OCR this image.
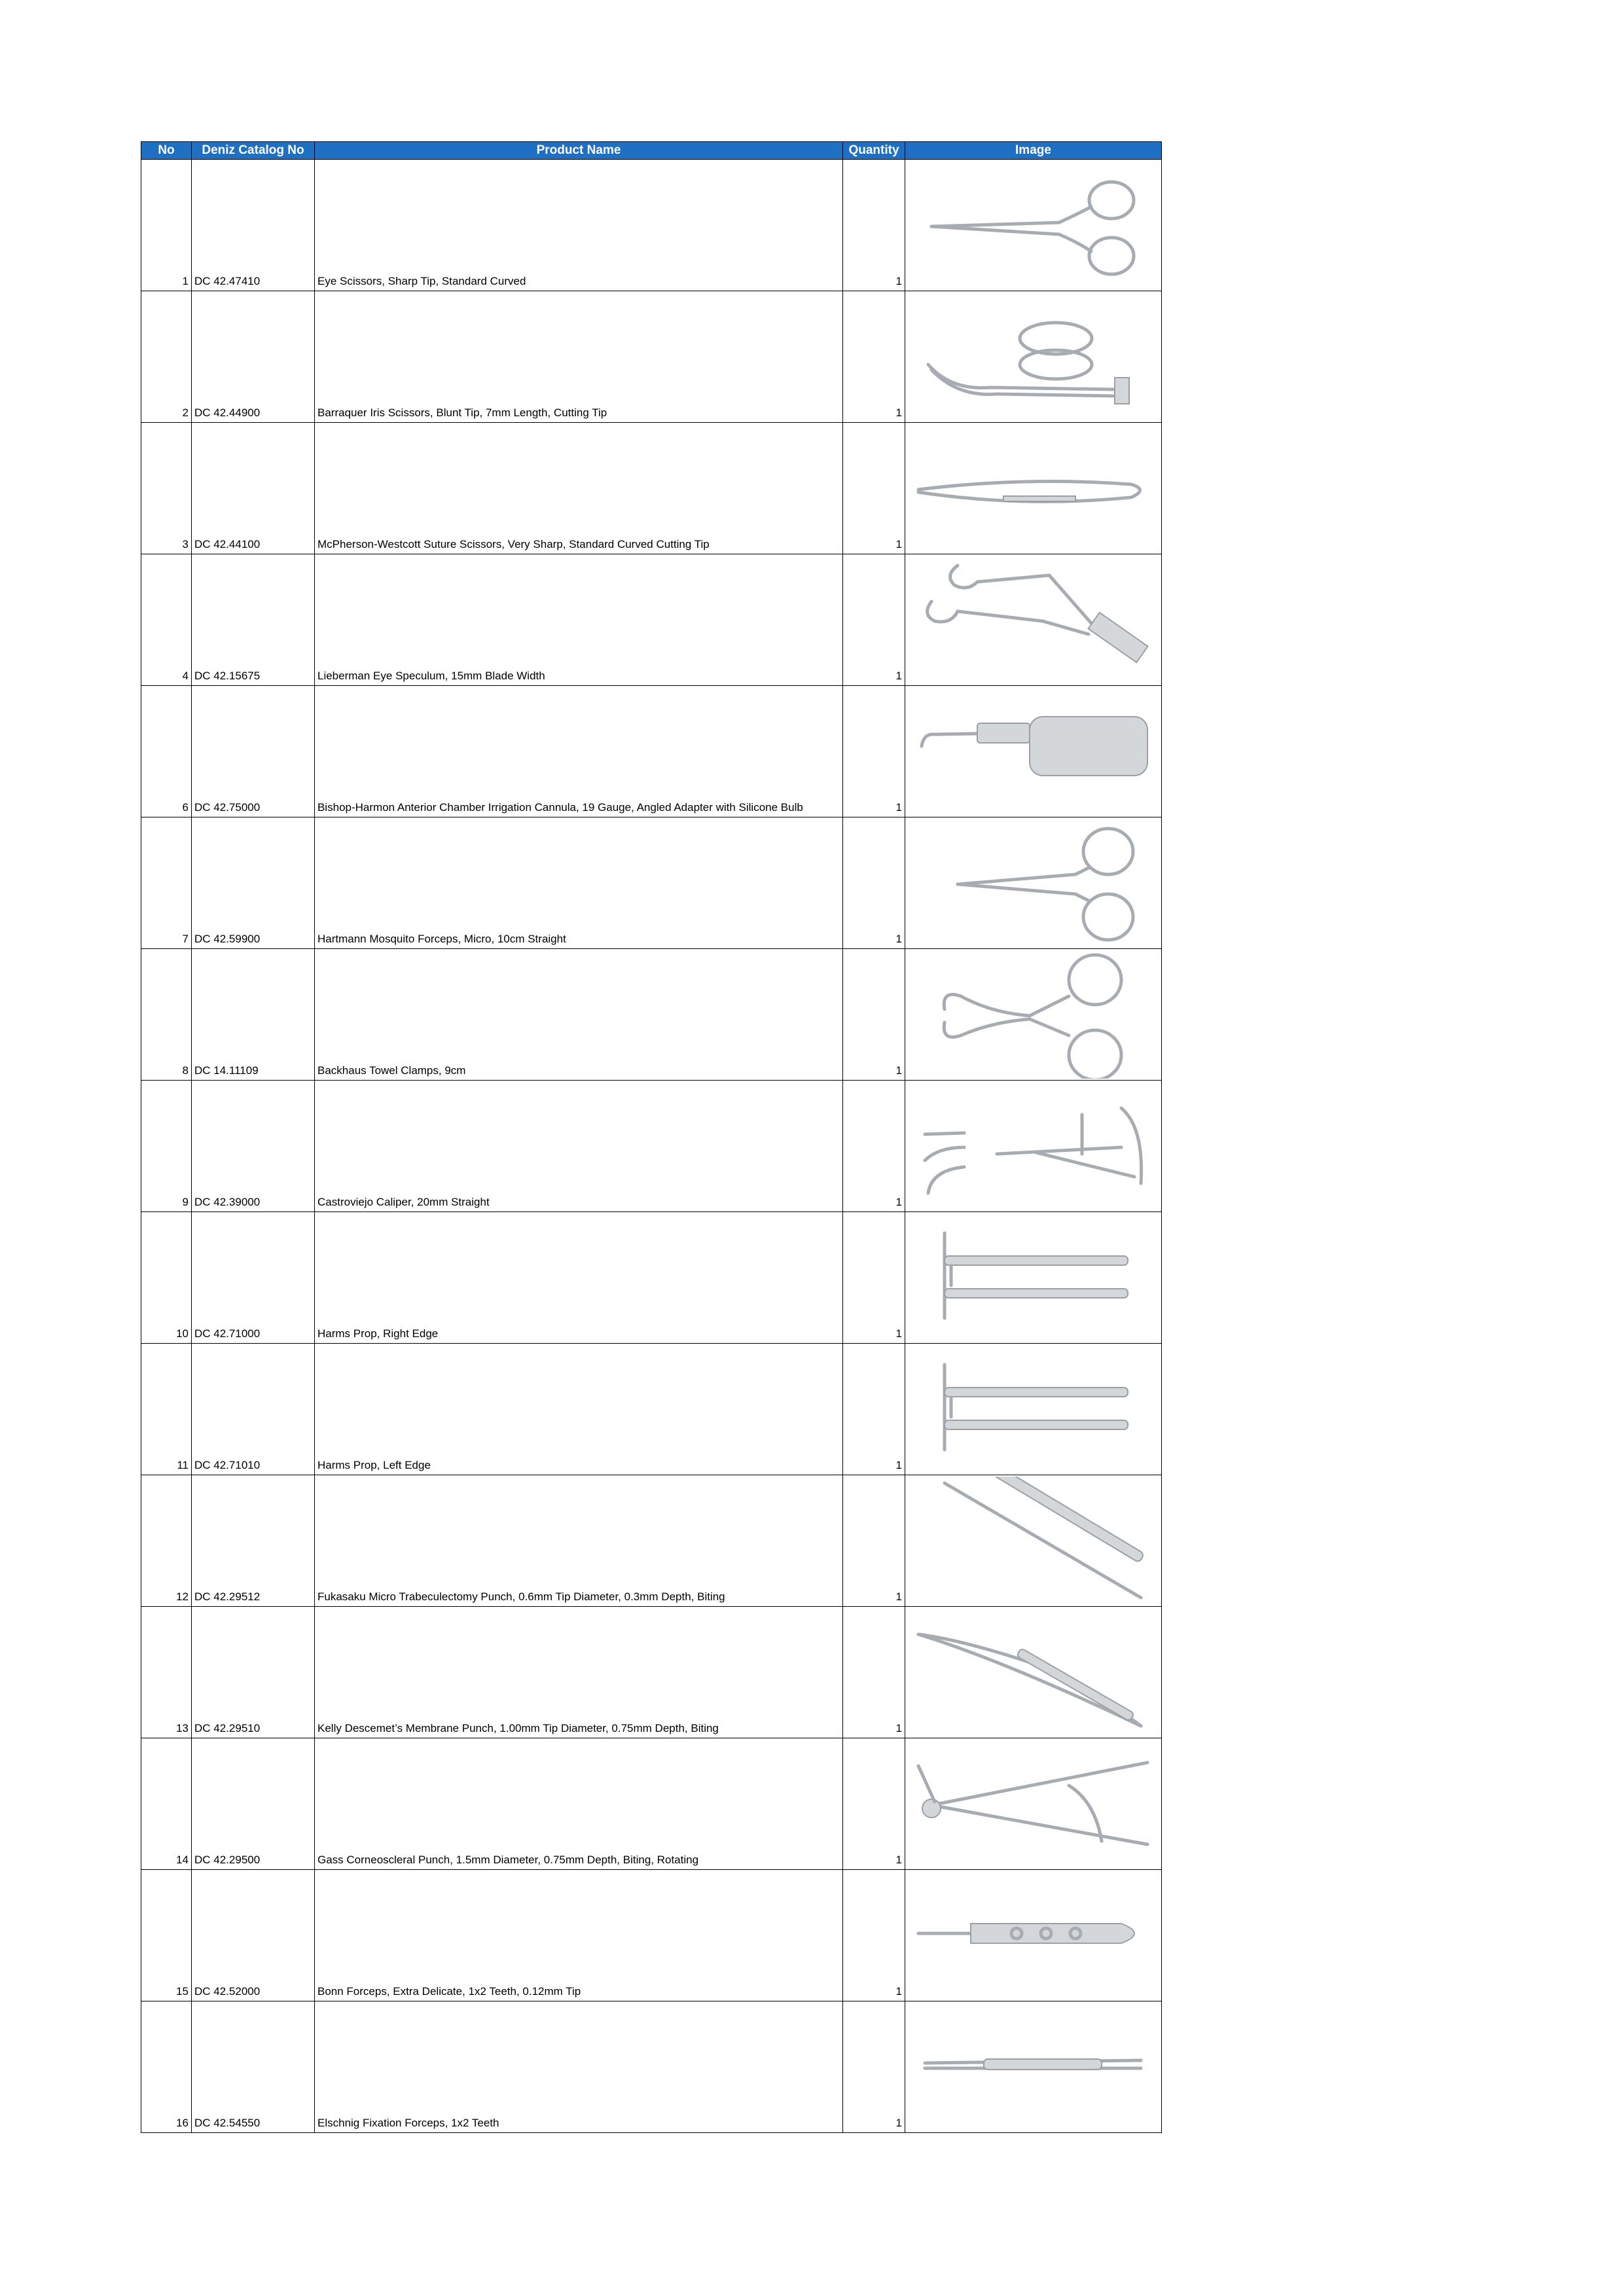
No	Deniz Catalog No	Product Name	Quantity	Image
1	DC 42.47410	Eye Scissors, Sharp Tip, Standard Curved	1	

2	DC 42.44900	Barraquer Iris Scissors, Blunt Tip, 7mm Length, Cutting Tip	1	

3	DC 42.44100	McPherson-Westcott Suture Scissors, Very Sharp, Standard Curved Cutting Tip	1	

4	DC 42.15675	Lieberman Eye Speculum, 15mm Blade Width	1	

6	DC 42.75000	Bishop-Harmon Anterior Chamber Irrigation Cannula, 19 Gauge, Angled Adapter with Silicone Bulb	1	

7	DC 42.59900	Hartmann Mosquito Forceps, Micro, 10cm Straight	1	

8	DC 14.11109	Backhaus Towel Clamps, 9cm	1	

9	DC 42.39000	Castroviejo Caliper, 20mm Straight	1	

10	DC 42.71000	Harms Prop, Right Edge	1	

11	DC 42.71010	Harms Prop, Left Edge	1	

12	DC 42.29512	Fukasaku Micro Trabeculectomy Punch, 0.6mm Tip Diameter, 0.3mm Depth, Biting	1	

13	DC 42.29510	Kelly Descemet’s Membrane Punch, 1.00mm Tip Diameter, 0.75mm Depth, Biting	1	

14	DC 42.29500	Gass Corneoscleral Punch, 1.5mm Diameter, 0.75mm Depth, Biting, Rotating	1	

15	DC 42.52000	Bonn Forceps, Extra Delicate, 1x2 Teeth, 0.12mm Tip	1	

16	DC 42.54550	Elschnig Fixation Forceps, 1x2 Teeth	1	
